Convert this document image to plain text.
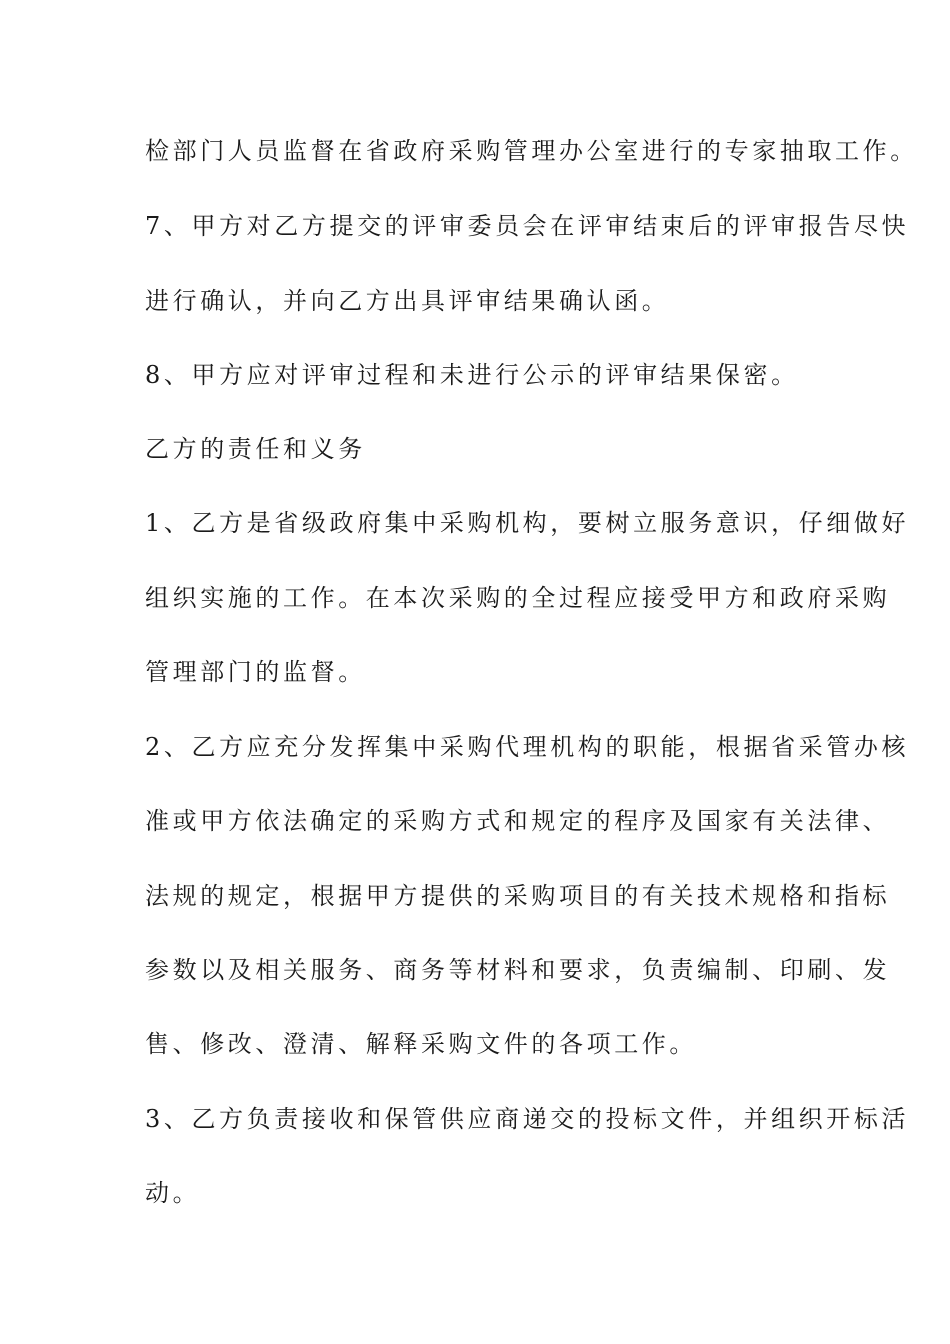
检部门人员监督在省政府采购管理办公室进行的专家抽取工作。
7、甲方对乙方提交的评审委员会在评审结束后的评审报告尽快
进行确认，并向乙方出具评审结果确认函。
8、甲方应对评审过程和未进行公示的评审结果保密。
乙方的责任和义务
1、乙方是省级政府集中采购机构，要树立服务意识，仔细做好
组织实施的工作。在本次采购的全过程应接受甲方和政府采购
管理部门的监督。
2、乙方应充分发挥集中采购代理机构的职能，根据省采管办核
准或甲方依法确定的采购方式和规定的程序及国家有关法律、
法规的规定，根据甲方提供的采购项目的有关技术规格和指标
参数以及相关服务、商务等材料和要求，负责编制、印刷、发
售、修改、澄清、解释采购文件的各项工作。
3、乙方负责接收和保管供应商递交的投标文件，并组织开标活
动。
